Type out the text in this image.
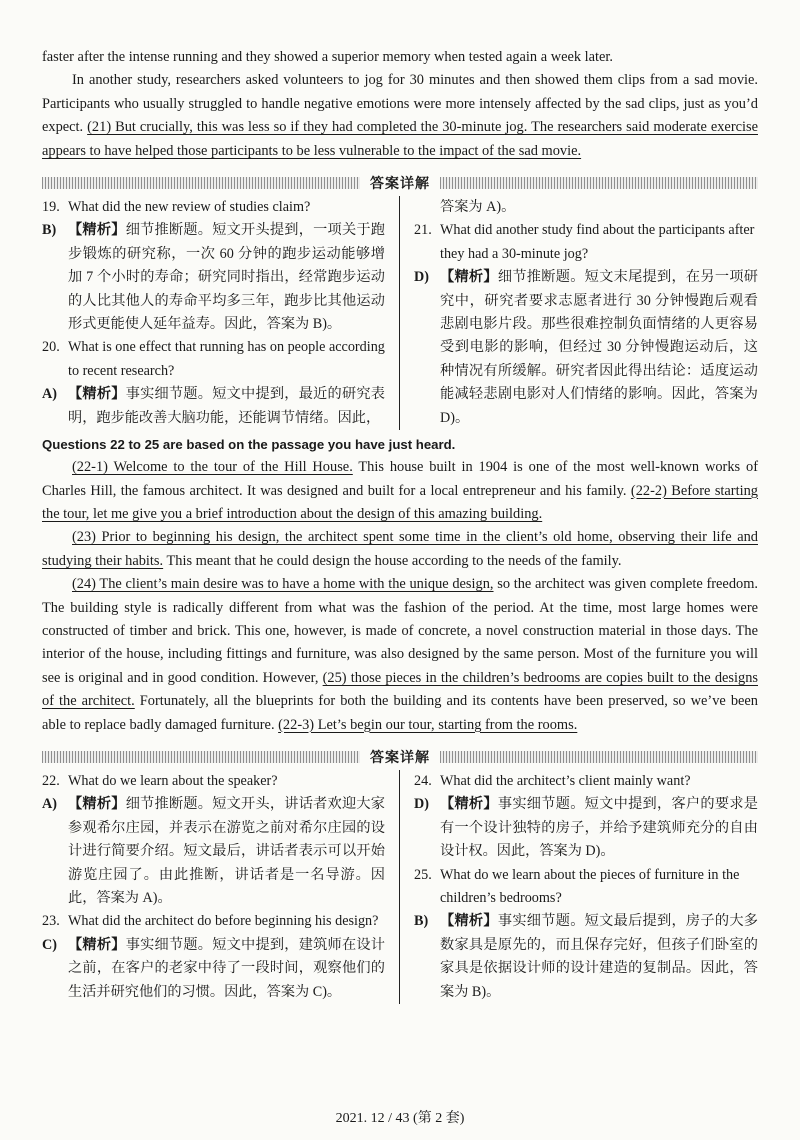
faster after the intense running and they showed a superior memory when tested again a week later.

In another study, researchers asked volunteers to jog for 30 minutes and then showed them clips from a sad movie. Participants who usually struggled to handle negative emotions were more intensely affected by the sad clips, just as you’d expect. (21) But crucially, this was less so if they had completed the 30-minute jog. The researchers said moderate exercise appears to have helped those participants to be less vulnerable to the impact of the sad movie.

答案详解
19. What did the new review of studies claim?
B) 【精析】细节推断题。短文开头提到，一项关于跑步锻炼的研究称，一次 60 分钟的跑步运动能够增加 7 个小时的寿命；研究同时指出，经常跑步运动的人比其他人的寿命平均多三年，跑步比其他运动形式更能使人延年益寿。因此，答案为 B)。
20. What is one effect that running has on people according to recent research?
A) 【精析】事实细节题。短文中提到，最近的研究表明，跑步能改善大脑功能，还能调节情绪。因此，
答案为 A)。
21. What did another study find about the participants after they had a 30-minute jog?
D) 【精析】细节推断题。短文末尾提到，在另一项研究中，研究者要求志愿者进行 30 分钟慢跑后观看悲剧电影片段。那些很难控制负面情绪的人更容易受到电影的影响，但经过 30 分钟慢跑运动后，这种情况有所缓解。研究者因此得出结论：适度运动能减轻悲剧电影对人们情绪的影响。因此，答案为 D)。
Questions 22 to 25 are based on the passage you have just heard.

(22-1) Welcome to the tour of the Hill House. This house built in 1904 is one of the most well-known works of Charles Hill, the famous architect. It was designed and built for a local entrepreneur and his family. (22-2) Before starting the tour, let me give you a brief introduction about the design of this amazing building.

(23) Prior to beginning his design, the architect spent some time in the client’s old home, observing their life and studying their habits. This meant that he could design the house according to the needs of the family.

(24) The client’s main desire was to have a home with the unique design, so the architect was given complete freedom. The building style is radically different from what was the fashion of the period. At the time, most large homes were constructed of timber and brick. This one, however, is made of concrete, a novel construction material in those days. The interior of the house, including fittings and furniture, was also designed by the same person. Most of the furniture you will see is original and in good condition. However, (25) those pieces in the children’s bedrooms are copies built to the designs of the architect. Fortunately, all the blueprints for both the building and its contents have been preserved, so we’ve been able to replace badly damaged furniture. (22-3) Let’s begin our tour, starting from the rooms.

答案详解
22. What do we learn about the speaker?
A) 【精析】细节推断题。短文开头，讲话者欢迎大家参观希尔庄园，并表示在游览之前对希尔庄园的设计进行简要介绍。短文最后，讲话者表示可以开始游览庄园了。由此推断，讲话者是一名导游。因此，答案为 A)。
23. What did the architect do before beginning his design?
C) 【精析】事实细节题。短文中提到，建筑师在设计之前，在客户的老家中待了一段时间，观察他们的生活并研究他们的习惯。因此，答案为 C)。
24. What did the architect’s client mainly want?
D) 【精析】事实细节题。短文中提到，客户的要求是有一个设计独特的房子，并给予建筑师充分的自由设计权。因此，答案为 D)。
25. What do we learn about the pieces of furniture in the children’s bedrooms?
B) 【精析】事实细节题。短文最后提到，房子的大多数家具是原先的，而且保存完好，但孩子们卧室的家具是依据设计师的设计建造的复制品。因此，答案为 B)。
2021. 12 / 43 (第 2 套)
